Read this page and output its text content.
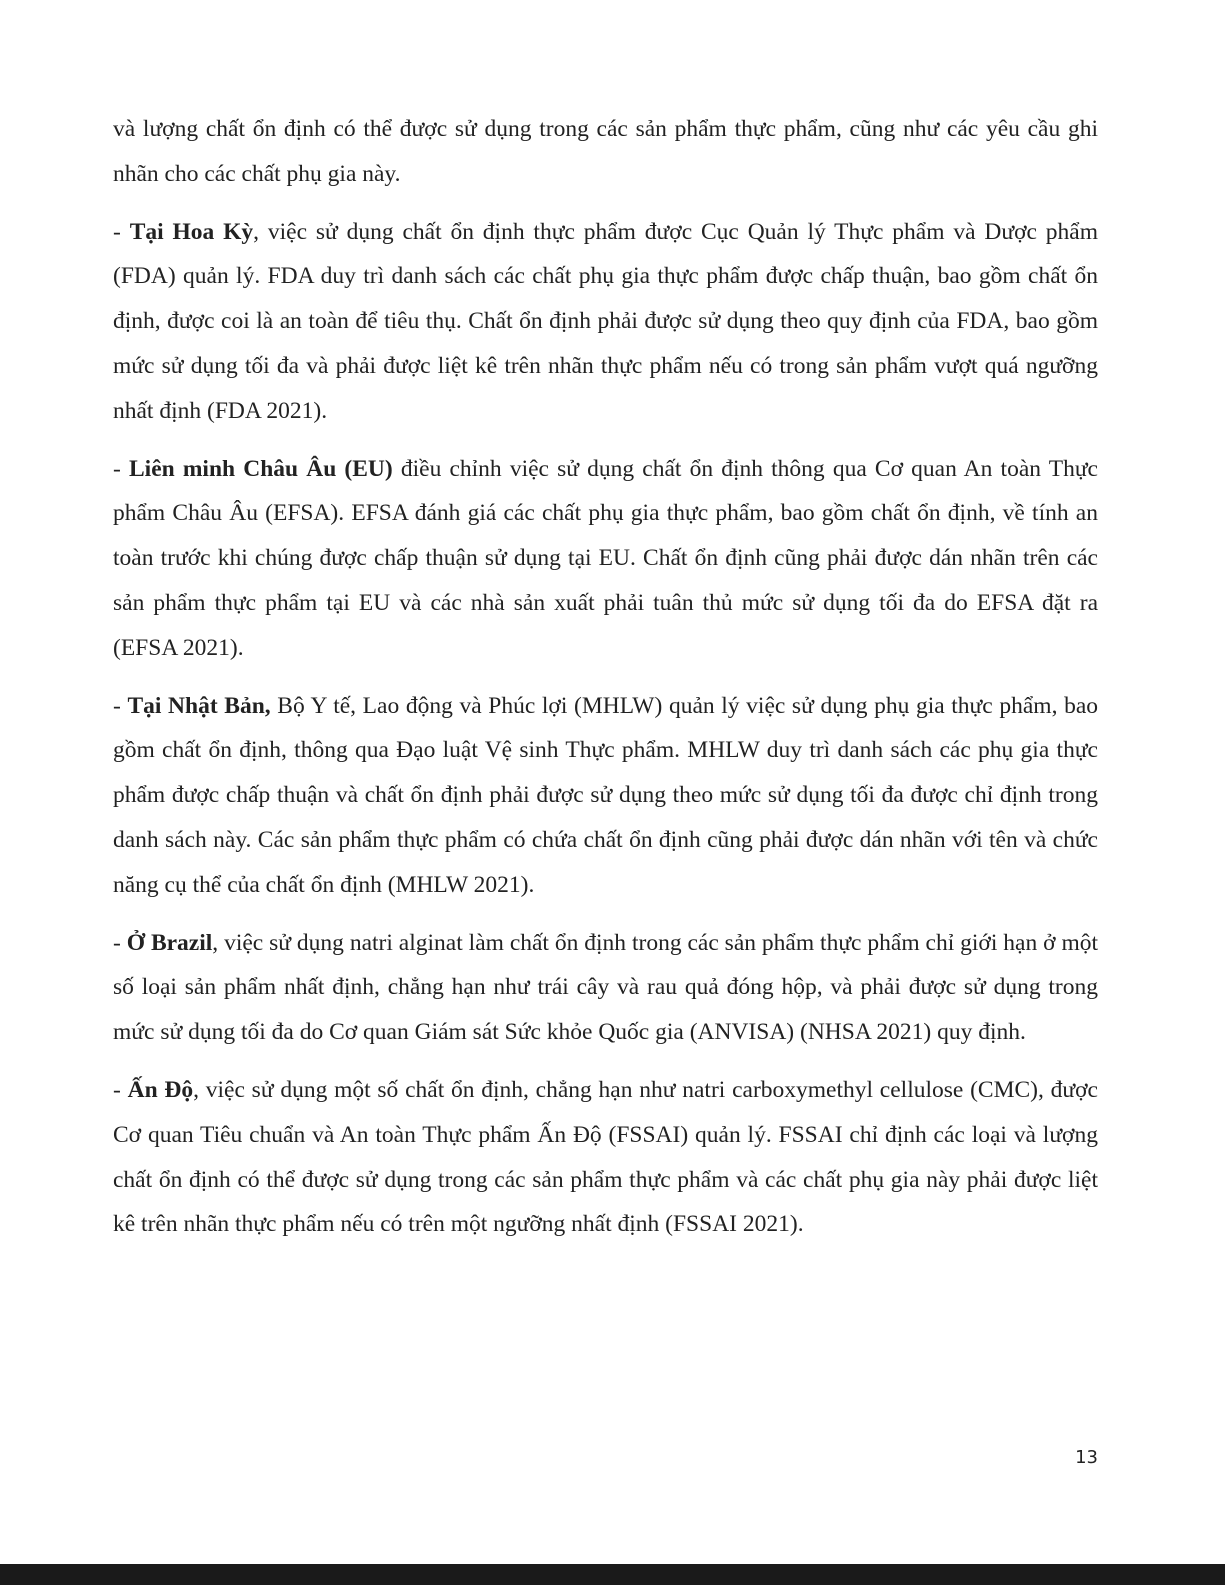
và lượng chất ổn định có thể được sử dụng trong các sản phẩm thực phẩm, cũng như các yêu cầu ghi nhãn cho các chất phụ gia này.

- Tại Hoa Kỳ, việc sử dụng chất ổn định thực phẩm được Cục Quản lý Thực phẩm và Dược phẩm (FDA) quản lý. FDA duy trì danh sách các chất phụ gia thực phẩm được chấp thuận, bao gồm chất ổn định, được coi là an toàn để tiêu thụ. Chất ổn định phải được sử dụng theo quy định của FDA, bao gồm mức sử dụng tối đa và phải được liệt kê trên nhãn thực phẩm nếu có trong sản phẩm vượt quá ngưỡng nhất định (FDA 2021).

- Liên minh Châu Âu (EU) điều chỉnh việc sử dụng chất ổn định thông qua Cơ quan An toàn Thực phẩm Châu Âu (EFSA). EFSA đánh giá các chất phụ gia thực phẩm, bao gồm chất ổn định, về tính an toàn trước khi chúng được chấp thuận sử dụng tại EU. Chất ổn định cũng phải được dán nhãn trên các sản phẩm thực phẩm tại EU và các nhà sản xuất phải tuân thủ mức sử dụng tối đa do EFSA đặt ra (EFSA 2021).

- Tại Nhật Bản, Bộ Y tế, Lao động và Phúc lợi (MHLW) quản lý việc sử dụng phụ gia thực phẩm, bao gồm chất ổn định, thông qua Đạo luật Vệ sinh Thực phẩm. MHLW duy trì danh sách các phụ gia thực phẩm được chấp thuận và chất ổn định phải được sử dụng theo mức sử dụng tối đa được chỉ định trong danh sách này. Các sản phẩm thực phẩm có chứa chất ổn định cũng phải được dán nhãn với tên và chức năng cụ thể của chất ổn định (MHLW 2021).

- Ở Brazil, việc sử dụng natri alginat làm chất ổn định trong các sản phẩm thực phẩm chỉ giới hạn ở một số loại sản phẩm nhất định, chẳng hạn như trái cây và rau quả đóng hộp, và phải được sử dụng trong mức sử dụng tối đa do Cơ quan Giám sát Sức khỏe Quốc gia (ANVISA) (NHSA 2021) quy định.

- Ấn Độ, việc sử dụng một số chất ổn định, chẳng hạn như natri carboxymethyl cellulose (CMC), được Cơ quan Tiêu chuẩn và An toàn Thực phẩm Ấn Độ (FSSAI) quản lý. FSSAI chỉ định các loại và lượng chất ổn định có thể được sử dụng trong các sản phẩm thực phẩm và các chất phụ gia này phải được liệt kê trên nhãn thực phẩm nếu có trên một ngưỡng nhất định (FSSAI 2021).

13
